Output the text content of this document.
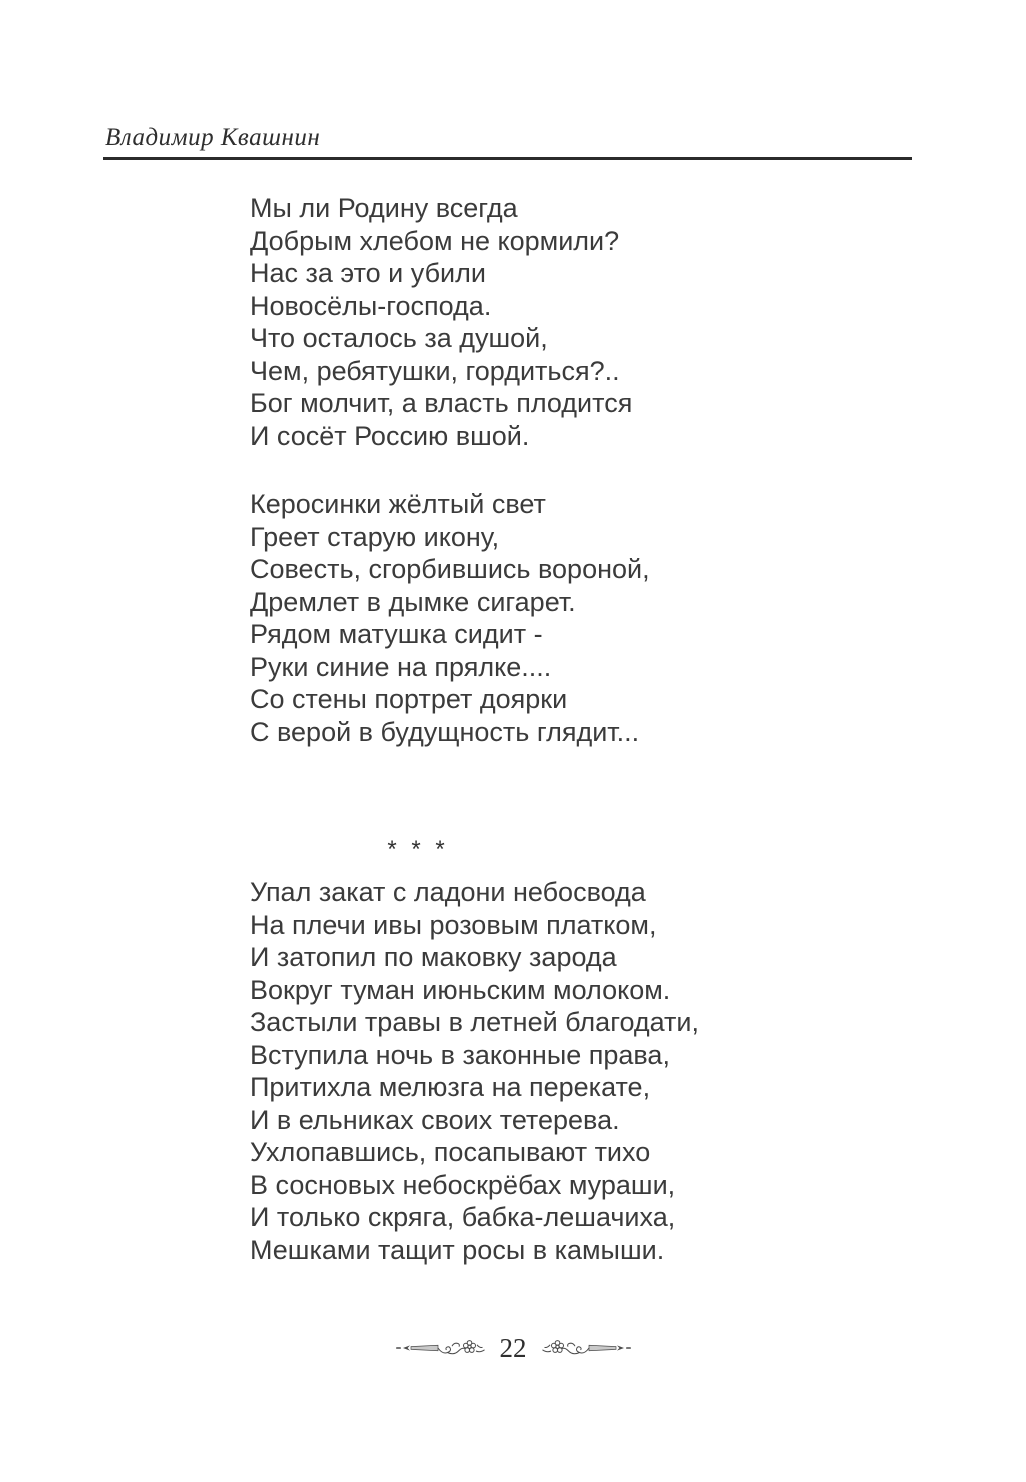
Владимир Квашнин
Мы ли Родину всегда
Добрым хлебом не кормили?
Нас за это и убили
Новосёлы-господа.
Что осталось за душой,
Чем, ребятушки, гордиться?..
Бог молчит, а власть плодится
И сосёт Россию вшой.
Керосинки жёлтый свет
Греет старую икону,
Совесть, сгорбившись вороной,
Дремлет в дымке сигарет.
Рядом матушка сидит -
Руки синие на прялке....
Со стены портрет доярки
С верой в будущность глядит...
* * *
Упал закат с ладони небосвода
На плечи ивы розовым платком,
И затопил по маковку зарода
Вокруг туман июньским молоком.
Застыли травы в летней благодати,
Вступила ночь в законные права,
Притихла мелюзга на перекате,
И в ельниках своих тетерева.
Ухлопавшись, посапывают тихо
В сосновых небоскрёбах мураши,
И только скряга, бабка-лешачиха,
Мешками тащит росы в камыши.
22
